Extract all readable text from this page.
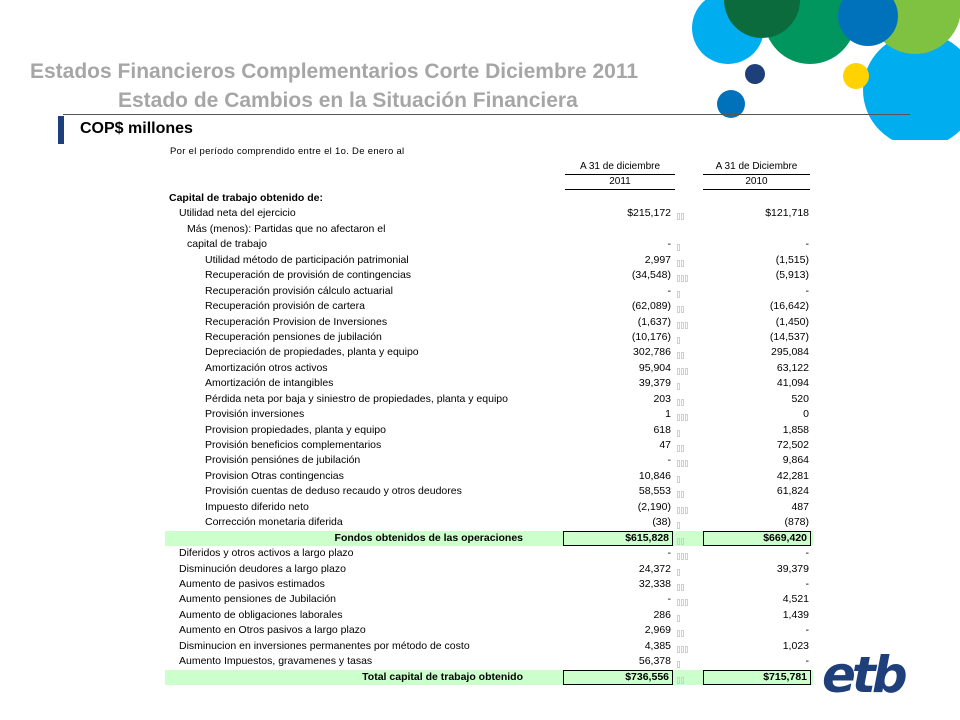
Estados Financieros Complementarios Corte Diciembre 2011
Estado de Cambios en la Situación Financiera
COP$ millones
Por el período comprendido entre el 1o. De enero al
A 31 de diciembre
2011
A 31 de Diciembre
2010
Capital de trabajo obtenido de:
Utilidad neta del ejercicio	$215,172	$121,718
Más (menos): Partidas que no afectaron el
capital de trabajo	-	-
Utilidad método de participación patrimonial	2,997	(1,515)
Recuperación de provisión de contingencias	(34,548)	(5,913)
Recuperación provisión cálculo actuarial	-	-
Recuperación provisión de cartera	(62,089)	(16,642)
Recuperación Provision de Inversiones	(1,637)	(1,450)
Recuperación pensiones de jubilación	(10,176)	(14,537)
Depreciación de propiedades, planta y equipo	302,786	295,084
Amortización otros activos	95,904	63,122
Amortización de intangibles	39,379	41,094
Pérdida neta por baja y siniestro de propiedades, planta y equipo	203	520
Provisión inversiones	1	0
Provision propiedades, planta y equipo	618	1,858
Provisión beneficios complementarios	47	72,502
Provisión pensiónes de jubilación	-	9,864
Provision Otras contingencias	10,846	42,281
Provisión cuentas de deduso recaudo y otros deudores	58,553	61,824
Impuesto diferido neto	(2,190)	487
Corrección monetaria diferida	(38)	(878)
Fondos obtenidos de las operaciones	$615,828	$669,420
Diferidos y otros activos a largo plazo	-	-
Disminución deudores a largo plazo	24,372	39,379
Aumento de pasivos estimados	32,338	-
Aumento pensiones de Jubilación	-	4,521
Aumento de obligaciones laborales	286	1,439
Aumento en Otros pasivos a largo plazo	2,969	-
Disminucion en inversiones permanentes por método de costo	4,385	1,023
Aumento Impuestos, gravamenes y tasas	56,378	-
Total capital de trabajo obtenido	$736,556	$715,781 etb
